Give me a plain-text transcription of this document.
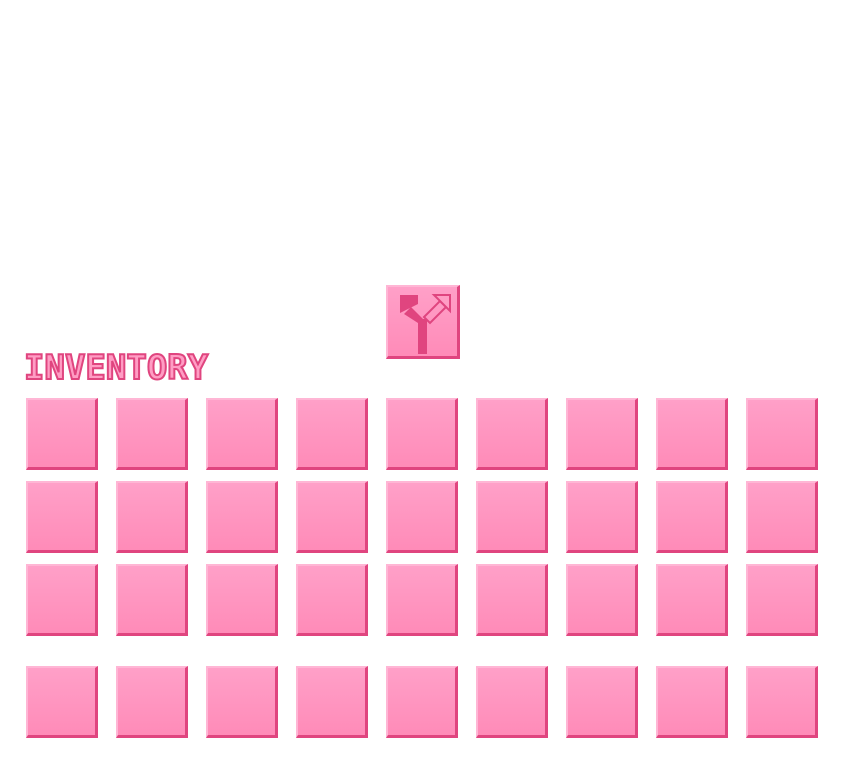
INVENTORY
